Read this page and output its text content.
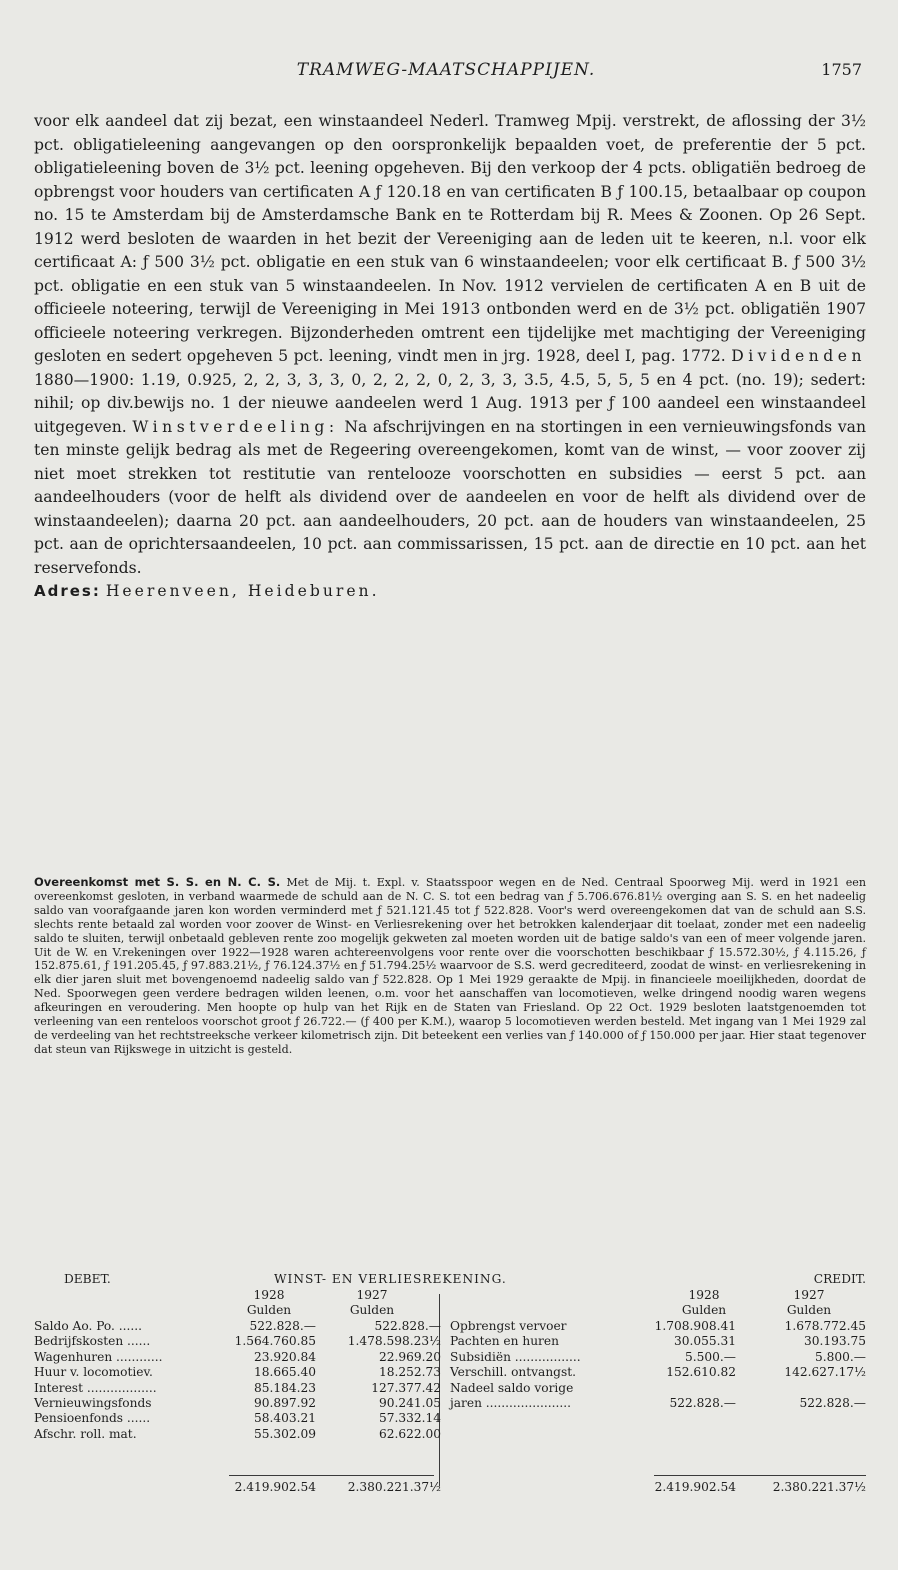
TRAMWEG-MAATSCHAPPIJEN.	1757

voor elk aandeel dat zij bezat, een winstaandeel Nederl. Tramweg Mpij. verstrekt, de aflossing der 3½ pct. obligatieleening aangevangen op den oorspronkelijk bepaalden voet, de preferentie der 5 pct. obligatieleening boven de 3½ pct. leening opgeheven. Bij den verkoop der 4 pcts. obligatiën bedroeg de opbrengst voor houders van certificaten A ƒ 120.18 en van certificaten B ƒ 100.15, betaalbaar op coupon no. 15 te Amsterdam bij de Amsterdamsche Bank en te Rotterdam bij R. Mees & Zoonen. Op 26 Sept. 1912 werd besloten de waarden in het bezit der Vereeniging aan de leden uit te keeren, n.l. voor elk certificaat A: ƒ 500 3½ pct. obligatie en een stuk van 6 winstaandeelen; voor elk certificaat B. ƒ 500 3½ pct. obligatie en een stuk van 5 winstaandeelen. In Nov. 1912 vervielen de certificaten A en B uit de officieele noteering, terwijl de Vereeniging in Mei 1913 ontbonden werd en de 3½ pct. obligatiën 1907 officieele noteering verkregen. Bijzonderheden omtrent een tijdelijke met machtiging der Vereeniging gesloten en sedert opgeheven 5 pct. leening, vindt men in jrg. 1928, deel I, pag. 1772. Dividenden 1880—1900: 1.19, 0.925, 2, 2, 3, 3, 3, 0, 2, 2, 2, 0, 2, 3, 3, 3.5, 4.5, 5, 5, 5 en 4 pct. (no. 19); sedert: nihil; op div.bewijs no. 1 der nieuwe aandeelen werd 1 Aug. 1913 per ƒ 100 aandeel een winstaandeel uitgegeven. Winstverdeeling: Na afschrijvingen en na stortingen in een vernieuwingsfonds van ten minste gelijk bedrag als met de Regeering overeengekomen, komt van de winst, — voor zoover zij niet moet strekken tot restitutie van rentelooze voorschotten en subsidies — eerst 5 pct. aan aandeelhouders (voor de helft als dividend over de aandeelen en voor de helft als dividend over de winstaandeelen); daarna 20 pct. aan aandeelhouders, 20 pct. aan de houders van winstaandeelen, 25 pct. aan de oprichtersaandeelen, 10 pct. aan commissarissen, 15 pct. aan de directie en 10 pct. aan het reservefonds.

Adres: Heerenveen, Heideburen.

Overeenkomst met S. S. en N. C. S. Met de Mij. t. Expl. v. Staatsspoor wegen en de Ned. Centraal Spoorweg Mij. werd in 1921 een overeenkomst gesloten, in verband waarmede de schuld aan de N. C. S. tot een bedrag van ƒ 5.706.676.81½ overging aan S. S. en het nadeelig saldo van voorafgaande jaren kon worden verminderd met ƒ 521.121.45 tot ƒ 522.828. Voor's werd overeengekomen dat van de schuld aan S.S. slechts rente betaald zal worden voor zoover de Winst- en Verliesrekening over het betrokken kalenderjaar dit toelaat, zonder met een nadeelig saldo te sluiten, terwijl onbetaald gebleven rente zoo mogelijk gekweten zal moeten worden uit de batige saldo's van een of meer volgende jaren. Uit de W. en V.rekeningen over 1922—1928 waren achtereenvolgens voor rente over die voorschotten beschikbaar ƒ 15.572.30½, ƒ 4.115.26, ƒ 152.875.61, ƒ 191.205.45, ƒ 97.883.21½, ƒ 76.124.37½ en ƒ 51.794.25½ waarvoor de S.S. werd gecrediteerd, zoodat de winst- en verliesrekening in elk dier jaren sluit met bovengenoemd nadeelig saldo van ƒ 522.828. Op 1 Mei 1929 geraakte de Mpij. in financieele moeilijkheden, doordat de Ned. Spoorwegen geen verdere bedragen wilden leenen, o.m. voor het aanschaffen van locomotieven, welke dringend noodig waren wegens afkeuringen en veroudering. Men hoopte op hulp van het Rijk en de Staten van Friesland. Op 22 Oct. 1929 besloten laatstgenoemden tot verleening van een renteloos voorschot groot ƒ 26.722.— (ƒ 400 per K.M.), waarop 5 locomotieven werden besteld. Met ingang van 1 Mei 1929 zal de verdeeling van het rechtstreeksche verkeer kilometrisch zijn. Dit beteekent een verlies van ƒ 140.000 of ƒ 150.000 per jaar. Hier staat tegenover dat steun van Rijkswege in uitzicht is gesteld.

DEBET.	WINST- EN VERLIESREKENING.	CREDIT.
1928	1927	1928	1927
Gulden	Gulden	Gulden	Gulden
Saldo Ao. Po. ......	522.828.—	522.828.— Opbrengst vervoer	1.708.908.41	1.678.772.45
Bedrijfskosten ......	1.564.760.85	1.478.598.23½ Pachten en huren	30.055.31	30.193.75
Wagenhuren ............	23.920.84	22.969.20 Subsidiën .................	5.500.—	5.800.—
Huur v. locomotiev.	18.665.40	18.252.73 Verschill. ontvangst.	152.610.82	142.627.17½
Interest ..................	85.184.23	127.377.42 Nadeel saldo vorige
Vernieuwingsfonds	90.897.92	90.241.05 jaren ......................	522.828.—	522.828.—
Pensioenfonds ......	58.403.21	57.332.14
Afschr. roll. mat.	55.302.09	62.622.00
2.419.902.54	2.380.221.37½	2.419.902.54	2.380.221.37½
